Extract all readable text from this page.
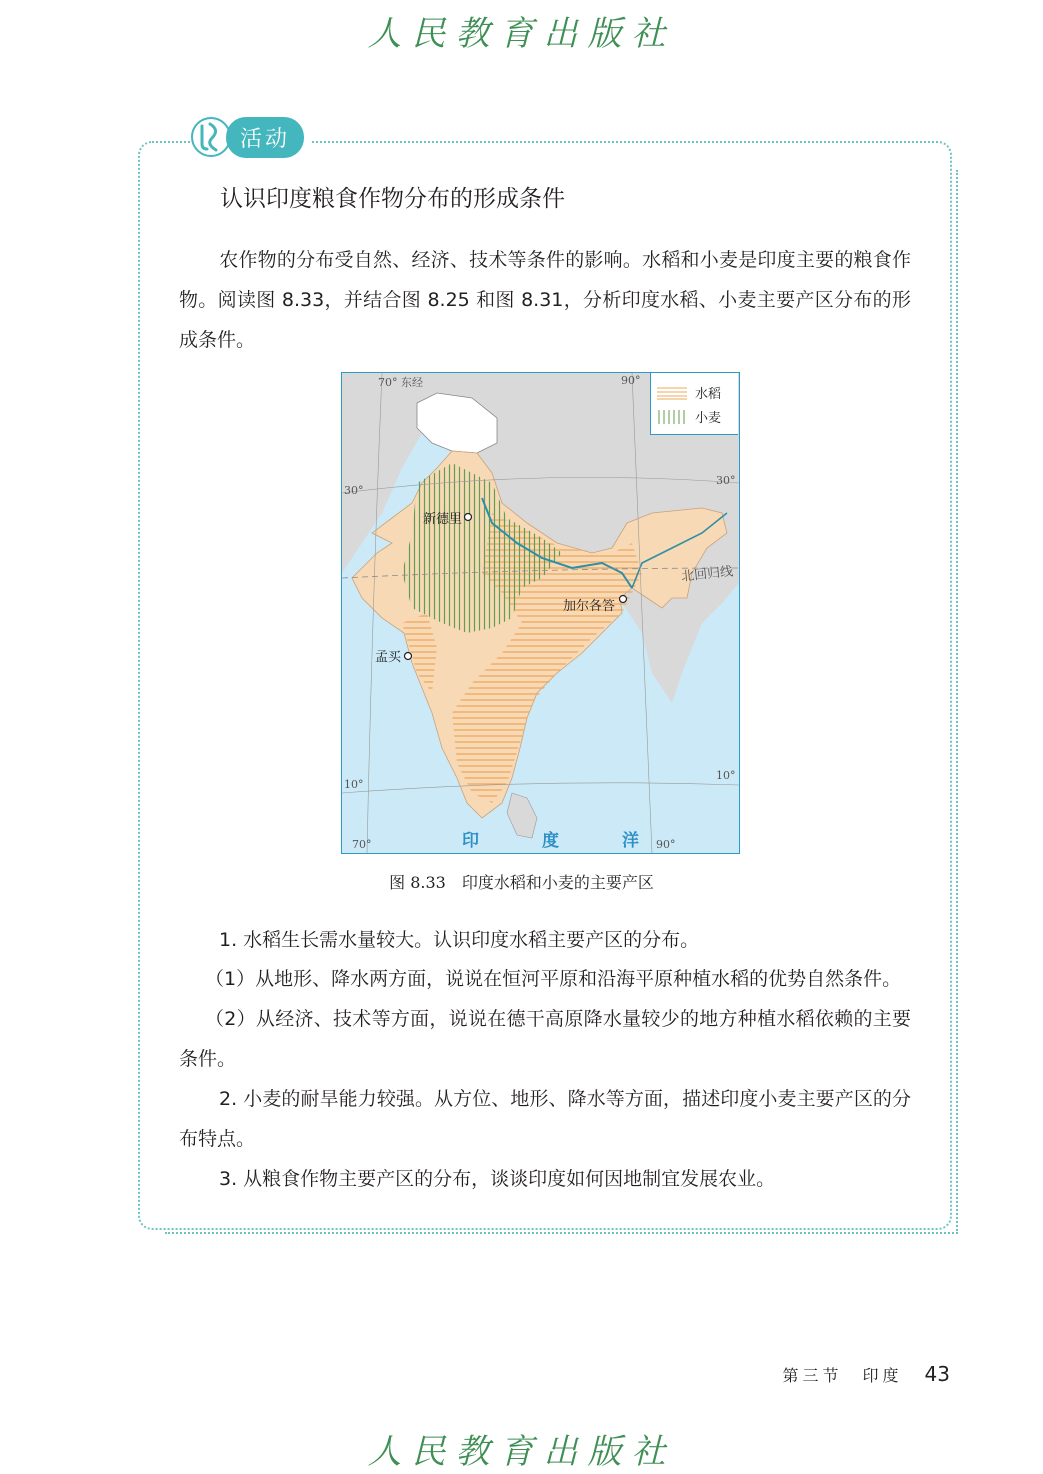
人民教育出版社
活动
认识印度粮食作物分布的形成条件
农作物的分布受自然、经济、技术等条件的影响。水稻和小麦是印度主要的粮食作物。阅读图 8.33，并结合图 8.25 和图 8.31，分析印度水稻、小麦主要产区分布的形成条件。
水稻
小麦
70° 东经	90°
30°
30°
10°
10°
70°	90°
新德里
加尔各答
孟买
北回归线
印	度	洋
图 8.33　印度水稻和小麦的主要产区
1. 水稻生长需水量较大。认识印度水稻主要产区的分布。
（1）从地形、降水两方面，说说在恒河平原和沿海平原种植水稻的优势自然条件。
（2）从经济、技术等方面，说说在德干高原降水量较少的地方种植水稻依赖的主要条件。
2. 小麦的耐旱能力较强。从方位、地形、降水等方面，描述印度小麦主要产区的分布特点。
3. 从粮食作物主要产区的分布，谈谈印度如何因地制宜发展农业。
第三节　印度 43
人民教育出版社
